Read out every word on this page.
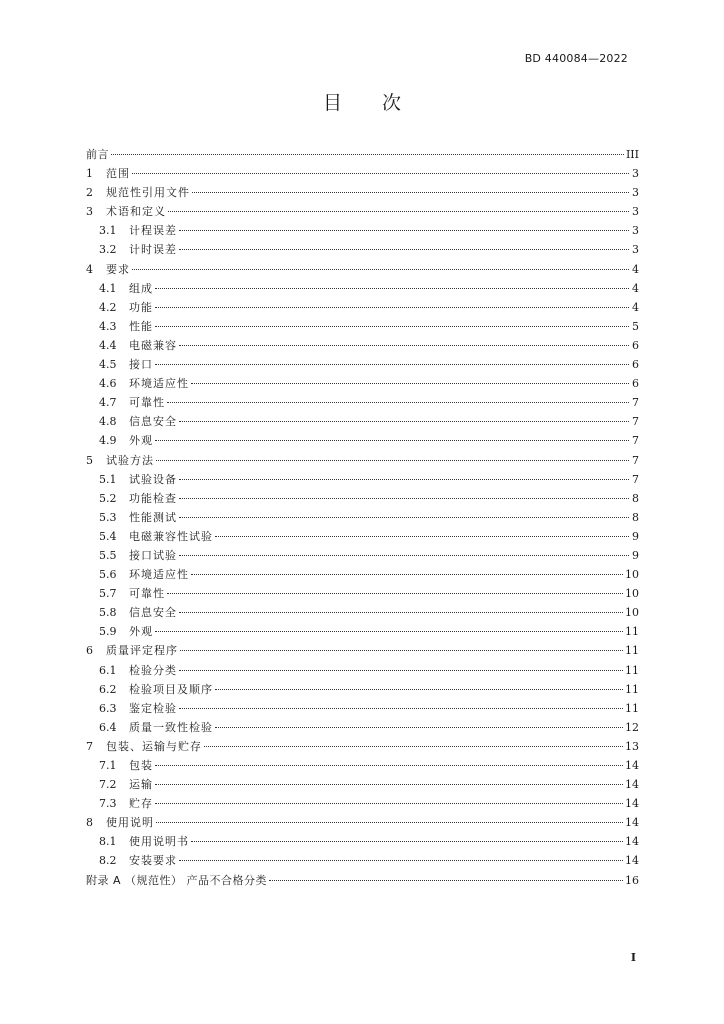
BD 440084—2022
目 次
前言	III
1	范围	3
2	规范性引用文件	3
3	术语和定义	3
3.1	计程误差	3
3.2	计时误差	3
4	要求	4
4.1	组成	4
4.2	功能	4
4.3	性能	5
4.4	电磁兼容	6
4.5	接口	6
4.6	环境适应性	6
4.7	可靠性	7
4.8	信息安全	7
4.9	外观	7
5	试验方法	7
5.1	试验设备	7
5.2	功能检查	8
5.3	性能测试	8
5.4	电磁兼容性试验	9
5.5	接口试验	9
5.6	环境适应性	10
5.7	可靠性	10
5.8	信息安全	10
5.9	外观	11
6	质量评定程序	11
6.1	检验分类	11
6.2	检验项目及顺序	11
6.3	鉴定检验	11
6.4	质量一致性检验	12
7	包装、运输与贮存	13
7.1	包装	14
7.2	运输	14
7.3	贮存	14
8	使用说明	14
8.1	使用说明书	14
8.2	安装要求	14
附录 A （规范性） 产品不合格分类	16
I
